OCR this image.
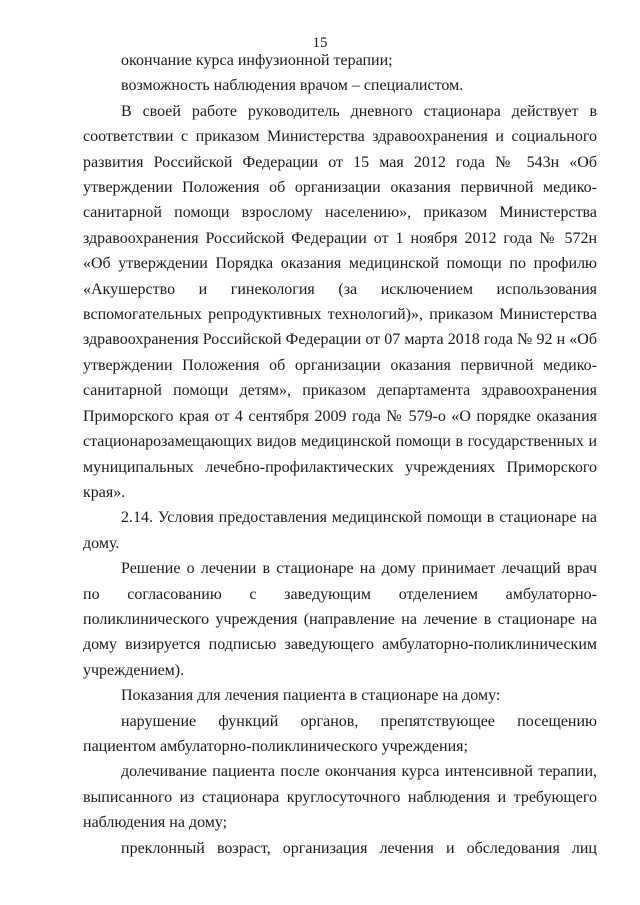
15

окончание курса инфузионной терапии;

возможность наблюдения врачом – специалистом.

В своей работе руководитель дневного стационара действует в соответствии с приказом Министерства здравоохранения и социального развития Российской Федерации от 15 мая 2012 года № 543н «Об утверждении Положения об организации оказания первичной медико-санитарной помощи взрослому населению», приказом Министерства здравоохранения Российской Федерации от 1 ноября 2012 года № 572н «Об утверждении Порядка оказания медицинской помощи по профилю «Акушерство и гинекология (за исключением использования вспомогательных репродуктивных технологий)», приказом Министерства здравоохранения Российской Федерации от 07 марта 2018 года № 92 н «Об утверждении Положения об организации оказания первичной медико-санитарной помощи детям», приказом департамента здравоохранения Приморского края от 4 сентября 2009 года № 579-о «О порядке оказания стационарозамещающих видов медицинской помощи в государственных и муниципальных лечебно-профилактических учреждениях Приморского края».

2.14. Условия предоставления медицинской помощи в стационаре на дому.

Решение о лечении в стационаре на дому принимает лечащий врач по согласованию с заведующим отделением амбулаторно-поликлинического учреждения (направление на лечение в стационаре на дому визируется подписью заведующего амбулаторно-поликлиническим учреждением).

Показания для лечения пациента в стационаре на дому:

нарушение функций органов, препятствующее посещению пациентом амбулаторно-поликлинического учреждения;

долечивание пациента после окончания курса интенсивной терапии, выписанного из стационара круглосуточного наблюдения и требующего наблюдения на дому;

преклонный возраст, организация лечения и обследования лиц
